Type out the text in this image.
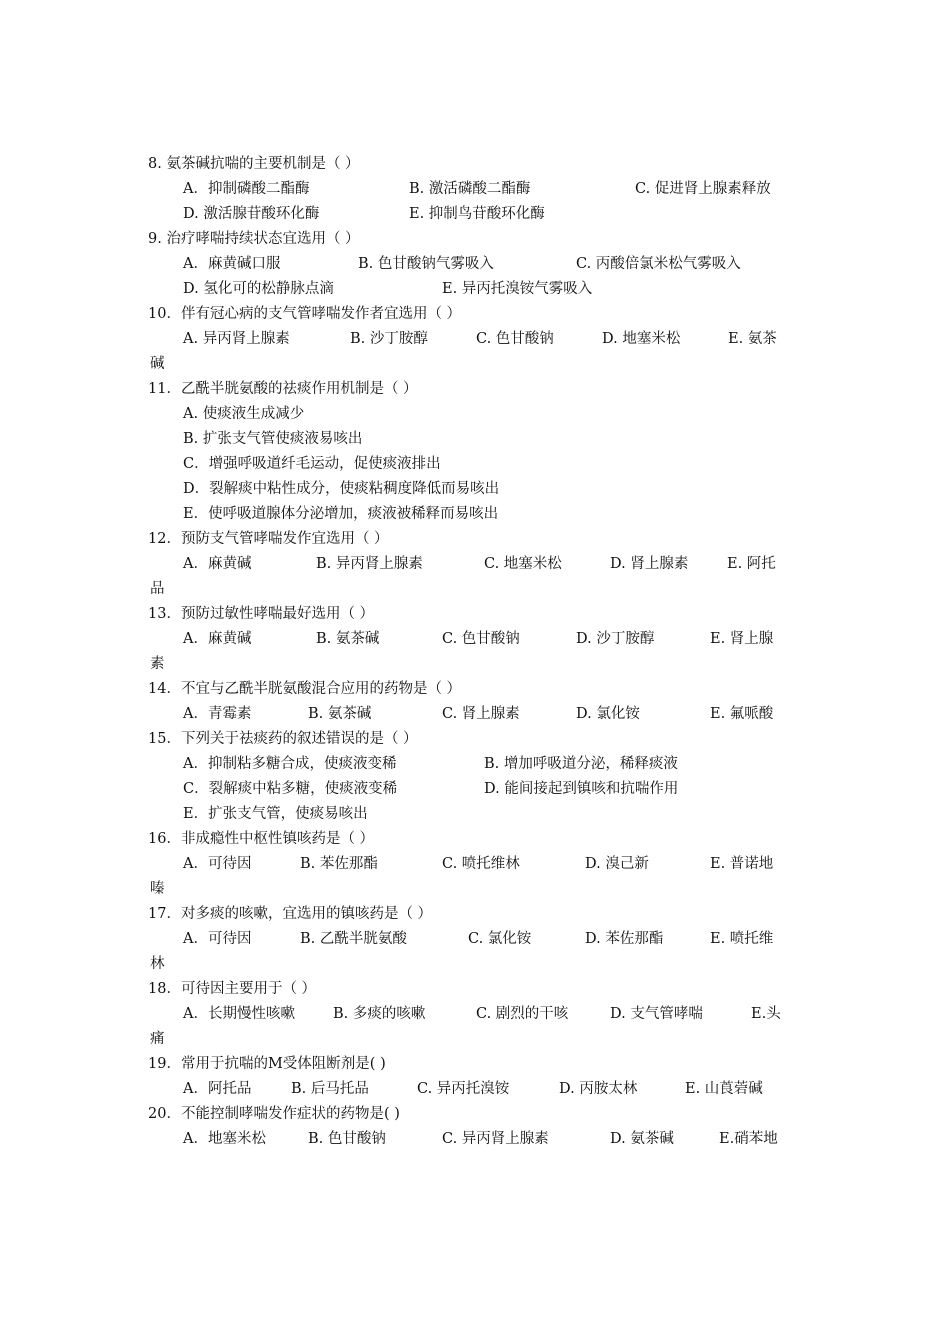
8. 氨茶碱抗喘的主要机制是（ ）
A．抑制磷酸二酯酶	B. 激活磷酸二酯酶	C. 促进肾上腺素释放
D. 激活腺苷酸环化酶	E. 抑制鸟苷酸环化酶
9. 治疗哮喘持续状态宜选用（ ）
A．麻黄碱口服	B. 色甘酸钠气雾吸入	C. 丙酸倍氯米松气雾吸入
D. 氢化可的松静脉点滴	E. 异丙托溴铵气雾吸入
10．伴有冠心病的支气管哮喘发作者宜选用（ ）
A. 异丙肾上腺素	B. 沙丁胺醇	C. 色甘酸钠	D. 地塞米松	E. 氨茶
碱
11．乙酰半胱氨酸的祛痰作用机制是（ ）
A. 使痰液生成减少
B. 扩张支气管使痰液易咳出
C．增强呼吸道纤毛运动，促使痰液排出
D．裂解痰中粘性成分，使痰粘稠度降低而易咳出
E．使呼吸道腺体分泌增加，痰液被稀释而易咳出
12．预防支气管哮喘发作宜选用（ ）
A．麻黄碱	B. 异丙肾上腺素	C. 地塞米松	D. 肾上腺素	E. 阿托
品
13．预防过敏性哮喘最好选用（ ）
A．麻黄碱	B. 氨茶碱	C. 色甘酸钠	D. 沙丁胺醇	E. 肾上腺
素
14．不宜与乙酰半胱氨酸混合应用的药物是（ ）
A．青霉素	B. 氨茶碱	C. 肾上腺素	D. 氯化铵	E. 氟哌酸
15．下列关于祛痰药的叙述错误的是（ ）
A．抑制粘多糖合成，使痰液变稀	B. 增加呼吸道分泌，稀释痰液
C．裂解痰中粘多糖，使痰液变稀	D. 能间接起到镇咳和抗喘作用
E．扩张支气管，使痰易咳出
16．非成瘾性中枢性镇咳药是（ ）
A．可待因	B. 苯佐那酯	C. 喷托维林	D. 溴己新	E. 普诺地
嗪
17．对多痰的咳嗽，宜选用的镇咳药是（ ）
A．可待因	B. 乙酰半胱氨酸	C. 氯化铵	D. 苯佐那酯	E. 喷托维
林
18．可待因主要用于（ ）
A．长期慢性咳嗽	B. 多痰的咳嗽	C. 剧烈的干咳	D. 支气管哮喘	E.头
痛
19．常用于抗喘的M受体阻断剂是( )
A．阿托品	B. 后马托品	C. 异丙托溴铵	D. 丙胺太林	E. 山莨菪碱
20．不能控制哮喘发作症状的药物是( )
A．地塞米松	B. 色甘酸钠	C. 异丙肾上腺素	D. 氨茶碱	E.硝苯地
